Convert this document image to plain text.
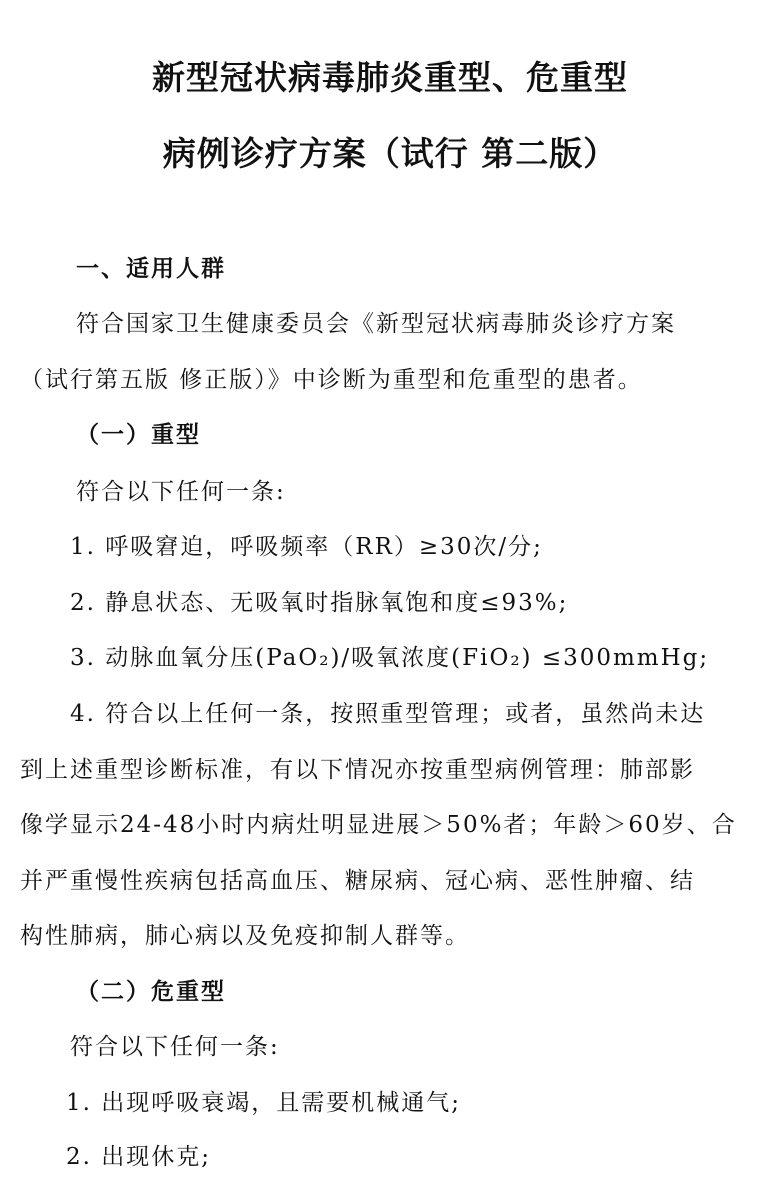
新型冠状病毒肺炎重型、危重型
病例诊疗方案（试行 第二版）
一、适用人群
符合国家卫生健康委员会《新型冠状病毒肺炎诊疗方案
（试行第五版 修正版）》中诊断为重型和危重型的患者。
（一）重型
符合以下任何一条:
1. 呼吸窘迫，呼吸频率（RR）≥30次/分;
2. 静息状态、无吸氧时指脉氧饱和度≤93%;
3. 动脉血氧分压(PaO₂)/吸氧浓度(FiO₂) ≤300mmHg;
4. 符合以上任何一条，按照重型管理；或者，虽然尚未达
到上述重型诊断标准，有以下情况亦按重型病例管理：肺部影
像学显示24-48小时内病灶明显进展＞50%者；年龄＞60岁、合
并严重慢性疾病包括高血压、糖尿病、冠心病、恶性肿瘤、结
构性肺病，肺心病以及免疫抑制人群等。
（二）危重型
符合以下任何一条:
1. 出现呼吸衰竭，且需要机械通气;
2. 出现休克;
